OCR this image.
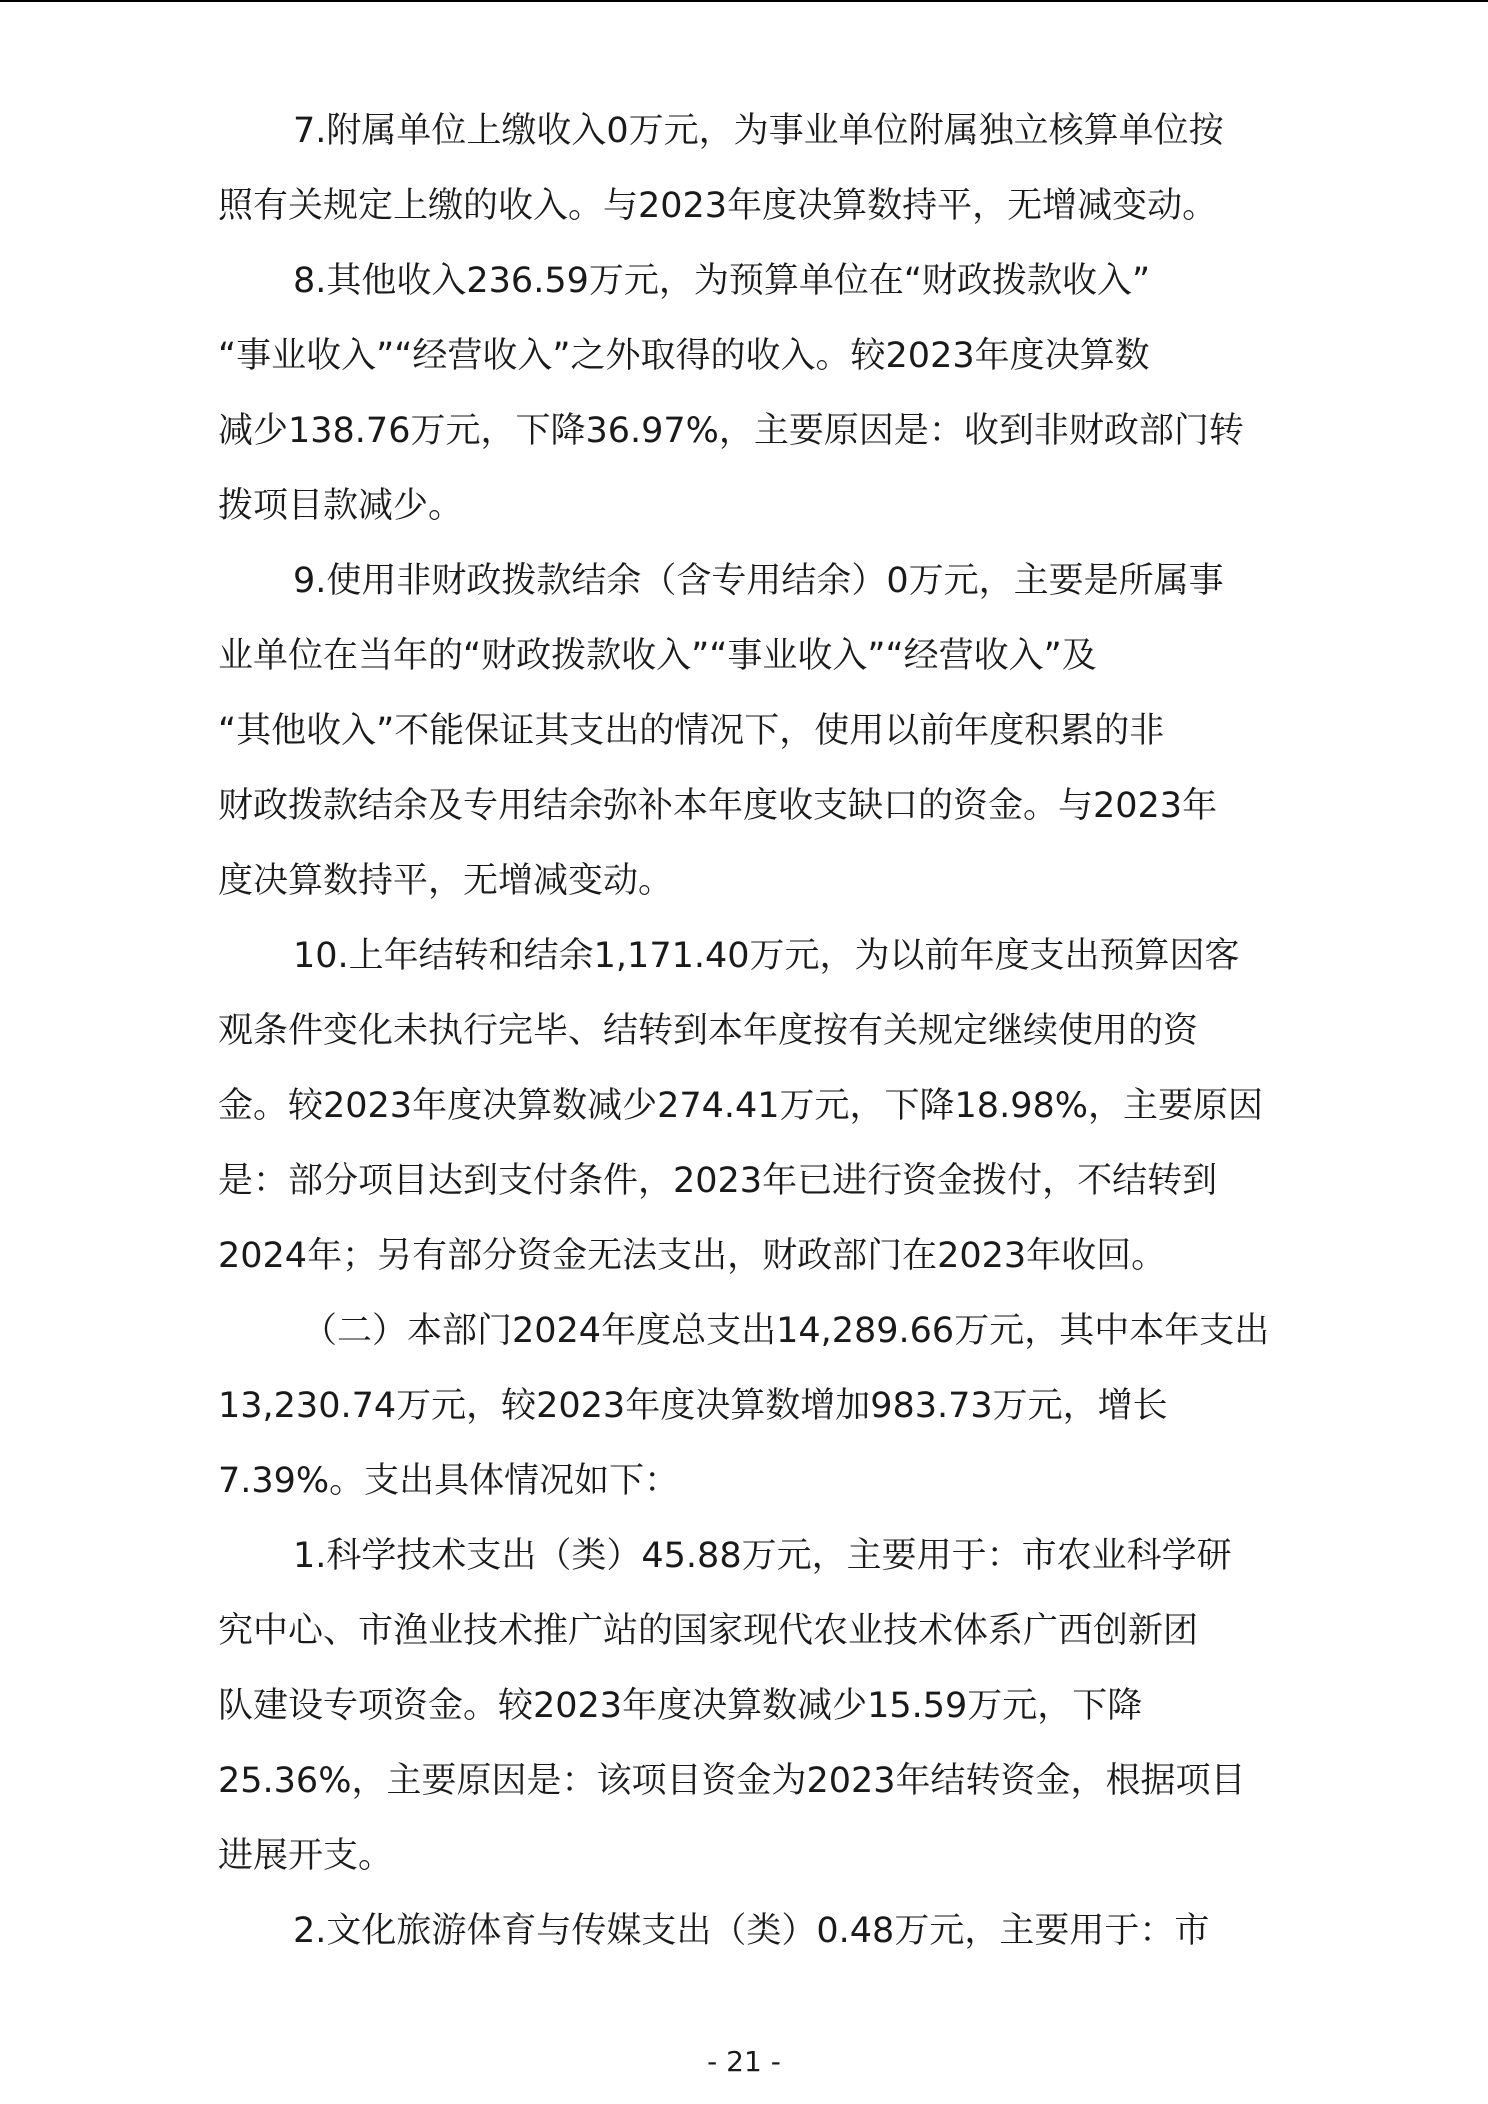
7.附属单位上缴收入0万元，为事业单位附属独立核算单位按
照有关规定上缴的收入。与2023年度决算数持平，无增减变动。

8.其他收入236.59万元，为预算单位在“财政拨款收入”
“事业收入”“经营收入”之外取得的收入。较2023年度决算数
减少138.76万元，下降36.97%，主要原因是：收到非财政部门转
拨项目款减少。

9.使用非财政拨款结余（含专用结余）0万元，主要是所属事
业单位在当年的“财政拨款收入”“事业收入”“经营收入”及
“其他收入”不能保证其支出的情况下，使用以前年度积累的非
财政拨款结余及专用结余弥补本年度收支缺口的资金。与2023年
度决算数持平，无增减变动。

10.上年结转和结余1,171.40万元，为以前年度支出预算因客
观条件变化未执行完毕、结转到本年度按有关规定继续使用的资
金。较2023年度决算数减少274.41万元，下降18.98%，主要原因
是：部分项目达到支付条件，2023年已进行资金拨付，不结转到
2024年；另有部分资金无法支出，财政部门在2023年收回。

（二）本部门2024年度总支出14,289.66万元，其中本年支出
13,230.74万元，较2023年度决算数增加983.73万元，增长
7.39%。支出具体情况如下：

1.科学技术支出（类）45.88万元，主要用于：市农业科学研
究中心、市渔业技术推广站的国家现代农业技术体系广西创新团
队建设专项资金。较2023年度决算数减少15.59万元，下降
25.36%，主要原因是：该项目资金为2023年结转资金，根据项目
进展开支。

2.文化旅游体育与传媒支出（类）0.48万元，主要用于：市

- 21 -
